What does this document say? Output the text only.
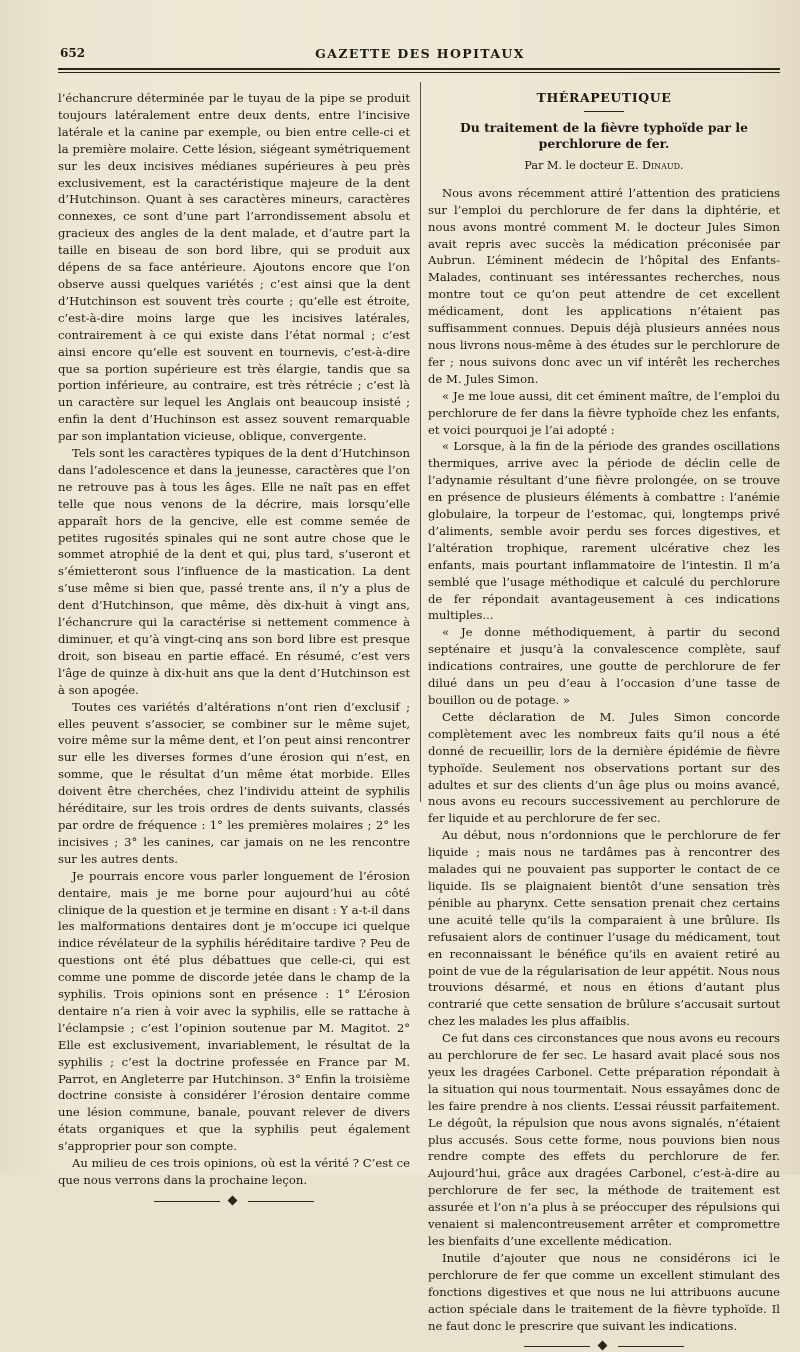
652	GAZETTE DES HOPITAUX

l’échancrure déterminée par le tuyau de la pipe se produit toujours latéralement entre deux dents, entre l’incisive latérale et la canine par exemple, ou bien entre celle-ci et la première molaire. Cette lésion, siégeant symétriquement sur les deux incisives médianes supérieures à peu près exclusivement, est la caractéristique majeure de la dent d’Hutchinson. Quant à ses caractères mineurs, caractères connexes, ce sont d’une part l’arrondissement absolu et gracieux des angles de la dent malade, et d’autre part la taille en biseau de son bord libre, qui se produit aux dépens de sa face antérieure. Ajoutons encore que l’on observe aussi quelques variétés ; c’est ainsi que la dent d’Hutchinson est souvent très courte ; qu’elle est étroite, c’est-à-dire moins large que les incisives latérales, contrairement à ce qui existe dans l’état normal ; c’est ainsi encore qu’elle est souvent en tournevis, c’est-à-dire que sa portion supérieure est très élargie, tandis que sa portion inférieure, au contraire, est très rétrécie ; c’est là un caractère sur lequel les Anglais ont beaucoup insisté ; enfin la dent d’Huchinson est assez souvent remarquable par son implantation vicieuse, oblique, convergente.

Tels sont les caractères typiques de la dent d’Hutchinson dans l’adolescence et dans la jeunesse, caractères que l’on ne retrouve pas à tous les âges. Elle ne naît pas en effet telle que nous venons de la décrire, mais lorsqu’elle apparaît hors de la gencive, elle est comme semée de petites rugosités spinales qui ne sont autre chose que le sommet atrophié de la dent et qui, plus tard, s’useront et s’émietteront sous l’influence de la mastication. La dent s’use même si bien que, passé trente ans, il n’y a plus de dent d’Hutchinson, que même, dès dix-huit à vingt ans, l’échancrure qui la caractérise si nettement commence à diminuer, et qu’à vingt-cinq ans son bord libre est presque droit, son biseau en partie effacé. En résumé, c’est vers l’âge de quinze à dix-huit ans que la dent d’Hutchinson est à son apogée.

Toutes ces variétés d’altérations n’ont rien d’exclusif ; elles peuvent s’associer, se combiner sur le même sujet, voire même sur la même dent, et l’on peut ainsi rencontrer sur elle les diverses formes d’une érosion qui n’est, en somme, que le résultat d’un même état morbide. Elles doivent être cherchées, chez l’individu atteint de syphilis héréditaire, sur les trois ordres de dents suivants, classés par ordre de fréquence : 1° les premières molaires ; 2° les incisives ; 3° les canines, car jamais on ne les rencontre sur les autres dents.

Je pourrais encore vous parler longuement de l’érosion dentaire, mais je me borne pour aujourd’hui au côté clinique de la question et je termine en disant : Y a-t-il dans les malformations dentaires dont je m’occupe ici quelque indice révélateur de la syphilis héréditaire tardive ? Peu de questions ont été plus débattues que celle-ci, qui est comme une pomme de discorde jetée dans le champ de la syphilis. Trois opinions sont en présence : 1° L’érosion dentaire n’a rien à voir avec la syphilis, elle se rattache à l’éclampsie ; c’est l’opinion soutenue par M. Magitot. 2° Elle est exclusivement, invariablement, le résultat de la syphilis ; c’est la doctrine professée en France par M. Parrot, en Angleterre par Hutchinson. 3° Enfin la troisième doctrine consiste à considérer l’érosion dentaire comme une lésion commune, banale, pouvant relever de divers états organiques et que la syphilis peut également s’approprier pour son compte.

Au milieu de ces trois opinions, où est la vérité ? C’est ce que nous verrons dans la prochaine leçon.

THÉRAPEUTIQUE
Du traitement de la fièvre typhoïde par le perchlorure de fer.
Par M. le docteur E. Dinaud.

Nous avons récemment attiré l’attention des praticiens sur l’emploi du perchlorure de fer dans la diphtérie, et nous avons montré comment M. le docteur Jules Simon avait repris avec succès la médication préconisée par Aubrun. L’éminent médecin de l’hôpital des Enfants-Malades, continuant ses intéressantes recherches, nous montre tout ce qu’on peut attendre de cet excellent médicament, dont les applications n’étaient pas suffisamment connues. Depuis déjà plusieurs années nous nous livrons nous-même à des études sur le perchlorure de fer ; nous suivons donc avec un vif intérêt les recherches de M. Jules Simon.

« Je me loue aussi, dit cet éminent maître, de l’emploi du perchlorure de fer dans la fièvre typhoïde chez les enfants, et voici pourquoi je l’ai adopté :

« Lorsque, à la fin de la période des grandes oscillations thermiques, arrive avec la période de déclin celle de l’adynamie résultant d’une fièvre prolongée, on se trouve en présence de plusieurs éléments à combattre : l’anémie globulaire, la torpeur de l’estomac, qui, longtemps privé d’aliments, semble avoir perdu ses forces digestives, et l’altération trophique, rarement ulcérative chez les enfants, mais pourtant inflammatoire de l’intestin. Il m’a semblé que l’usage méthodique et calculé du perchlorure de fer répondait avantageusement à ces indications multiples...

« Je donne méthodiquement, à partir du second septénaire et jusqu’à la convalescence complète, sauf indications contraires, une goutte de perchlorure de fer dilué dans un peu d’eau à l’occasion d’une tasse de bouillon ou de potage. »

Cette déclaration de M. Jules Simon concorde complètement avec les nombreux faits qu’il nous a été donné de recueillir, lors de la dernière épidémie de fièvre typhoïde. Seulement nos observations portant sur des adultes et sur des clients d’un âge plus ou moins avancé, nous avons eu recours successivement au perchlorure de fer liquide et au perchlorure de fer sec.

Au début, nous n’ordonnions que le perchlorure de fer liquide ; mais nous ne tardâmes pas à rencontrer des malades qui ne pouvaient pas supporter le contact de ce liquide. Ils se plaignaient bientôt d’une sensation très pénible au pharynx. Cette sensation prenait chez certains une acuité telle qu’ils la comparaient à une brûlure. Ils refusaient alors de continuer l’usage du médicament, tout en reconnaissant le bénéfice qu’ils en avaient retiré au point de vue de la régularisation de leur appétit. Nous nous trouvions désarmé, et nous en étions d’autant plus contrarié que cette sensation de brûlure s’accusait surtout chez les malades les plus affaiblis.

Ce fut dans ces circonstances que nous avons eu recours au perchlorure de fer sec. Le hasard avait placé sous nos yeux les dragées Carbonel. Cette préparation répondait à la situation qui nous tourmentait. Nous essayâmes donc de les faire prendre à nos clients. L’essai réussit parfaitement. Le dégoût, la répulsion que nous avons signalés, n’étaient plus accusés. Sous cette forme, nous pouvions bien nous rendre compte des effets du perchlorure de fer. Aujourd’hui, grâce aux dragées Carbonel, c’est-à-dire au perchlorure de fer sec, la méthode de traitement est assurée et l’on n’a plus à se préoccuper des répulsions qui venaient si malencontreusement arrêter et compromettre les bienfaits d’une excellente médication.

Inutile d’ajouter que nous ne considérons ici le perchlorure de fer que comme un excellent stimulant des fonctions digestives et que nous ne lui attribuons aucune action spéciale dans le traitement de la fièvre typhoïde. Il ne faut donc le prescrire que suivant les indications.
